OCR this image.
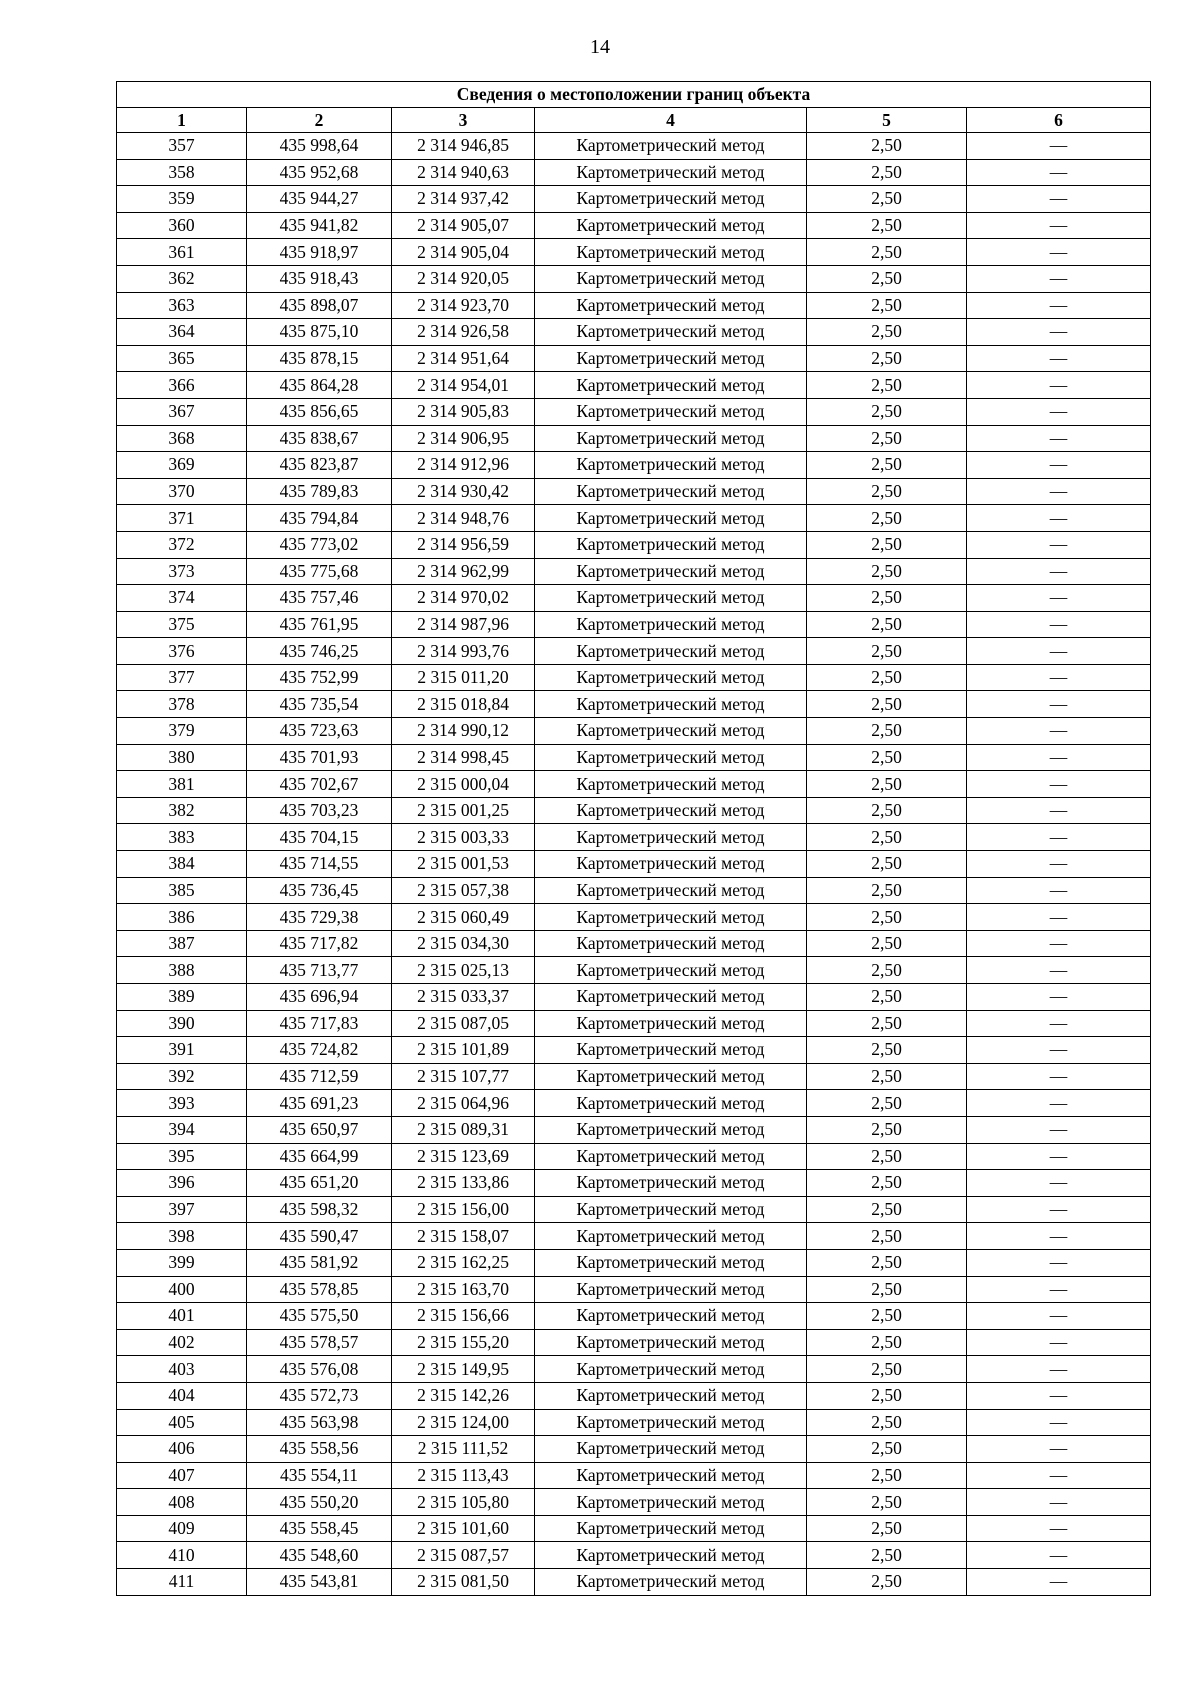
14
Сведения о местоположении границ объекта					
1	2	3	4	5	6
357	435 998,64	2 314 946,85	Картометрический метод	2,50	—
358	435 952,68	2 314 940,63	Картометрический метод	2,50	—
359	435 944,27	2 314 937,42	Картометрический метод	2,50	—
360	435 941,82	2 314 905,07	Картометрический метод	2,50	—
361	435 918,97	2 314 905,04	Картометрический метод	2,50	—
362	435 918,43	2 314 920,05	Картометрический метод	2,50	—
363	435 898,07	2 314 923,70	Картометрический метод	2,50	—
364	435 875,10	2 314 926,58	Картометрический метод	2,50	—
365	435 878,15	2 314 951,64	Картометрический метод	2,50	—
366	435 864,28	2 314 954,01	Картометрический метод	2,50	—
367	435 856,65	2 314 905,83	Картометрический метод	2,50	—
368	435 838,67	2 314 906,95	Картометрический метод	2,50	—
369	435 823,87	2 314 912,96	Картометрический метод	2,50	—
370	435 789,83	2 314 930,42	Картометрический метод	2,50	—
371	435 794,84	2 314 948,76	Картометрический метод	2,50	—
372	435 773,02	2 314 956,59	Картометрический метод	2,50	—
373	435 775,68	2 314 962,99	Картометрический метод	2,50	—
374	435 757,46	2 314 970,02	Картометрический метод	2,50	—
375	435 761,95	2 314 987,96	Картометрический метод	2,50	—
376	435 746,25	2 314 993,76	Картометрический метод	2,50	—
377	435 752,99	2 315 011,20	Картометрический метод	2,50	—
378	435 735,54	2 315 018,84	Картометрический метод	2,50	—
379	435 723,63	2 314 990,12	Картометрический метод	2,50	—
380	435 701,93	2 314 998,45	Картометрический метод	2,50	—
381	435 702,67	2 315 000,04	Картометрический метод	2,50	—
382	435 703,23	2 315 001,25	Картометрический метод	2,50	—
383	435 704,15	2 315 003,33	Картометрический метод	2,50	—
384	435 714,55	2 315 001,53	Картометрический метод	2,50	—
385	435 736,45	2 315 057,38	Картометрический метод	2,50	—
386	435 729,38	2 315 060,49	Картометрический метод	2,50	—
387	435 717,82	2 315 034,30	Картометрический метод	2,50	—
388	435 713,77	2 315 025,13	Картометрический метод	2,50	—
389	435 696,94	2 315 033,37	Картометрический метод	2,50	—
390	435 717,83	2 315 087,05	Картометрический метод	2,50	—
391	435 724,82	2 315 101,89	Картометрический метод	2,50	—
392	435 712,59	2 315 107,77	Картометрический метод	2,50	—
393	435 691,23	2 315 064,96	Картометрический метод	2,50	—
394	435 650,97	2 315 089,31	Картометрический метод	2,50	—
395	435 664,99	2 315 123,69	Картометрический метод	2,50	—
396	435 651,20	2 315 133,86	Картометрический метод	2,50	—
397	435 598,32	2 315 156,00	Картометрический метод	2,50	—
398	435 590,47	2 315 158,07	Картометрический метод	2,50	—
399	435 581,92	2 315 162,25	Картометрический метод	2,50	—
400	435 578,85	2 315 163,70	Картометрический метод	2,50	—
401	435 575,50	2 315 156,66	Картометрический метод	2,50	—
402	435 578,57	2 315 155,20	Картометрический метод	2,50	—
403	435 576,08	2 315 149,95	Картометрический метод	2,50	—
404	435 572,73	2 315 142,26	Картометрический метод	2,50	—
405	435 563,98	2 315 124,00	Картометрический метод	2,50	—
406	435 558,56	2 315 111,52	Картометрический метод	2,50	—
407	435 554,11	2 315 113,43	Картометрический метод	2,50	—
408	435 550,20	2 315 105,80	Картометрический метод	2,50	—
409	435 558,45	2 315 101,60	Картометрический метод	2,50	—
410	435 548,60	2 315 087,57	Картометрический метод	2,50	—
411	435 543,81	2 315 081,50	Картометрический метод	2,50	—
